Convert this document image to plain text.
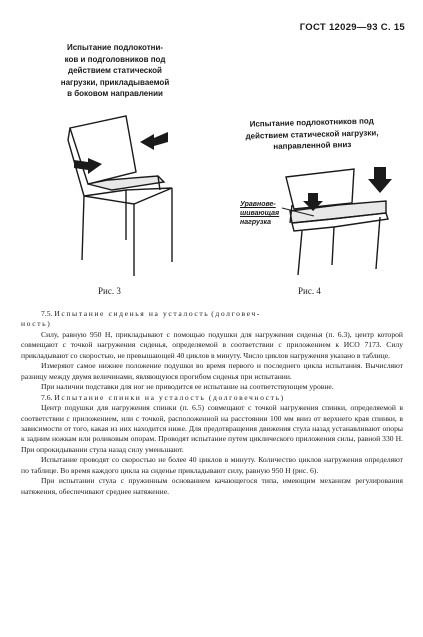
ГОСТ 12029—93 С. 15
Испытание подлокотни-
ков и подголовников под
действием статической
нагрузки, прикладываемой
в боковом направлении
Рис. 3
Испытание подлокотников под
действием статической нагрузки,
направленной вниз
Уравнове-
шивающая
нагрузка
Рис. 4

7.5. Испытание сиденья на усталость (долговеч-

ность)

Силу, равную 950 Н, прикладывают с помощью подушки для нагружения сиденья (п. 6.3), центр которой совмещают с точкой нагружения сиденья, определяемой в соответствии с приложением к ИСО 7173. Силу прикладывают со скоростью, не превышающей 40 циклов в минуту. Число циклов нагружения указано в таблице.

Измеряют самое нижнее положение подушки во время первого и последнего цикла испытания. Вычисляют разницу между двумя величинами, являющуюся прогибом сиденья при испытании.

При наличии подставки для ног не приводится ее испытание на соответствующем уровне.

7.6. Испытание спинки на усталость (долговечность)

Центр подушки для нагружения спинки (п. 6.5) совмещают с точкой нагружения спинки, определяемой в соответствии с приложением, или с точкой, расположенной на расстоянии 100 мм вниз от верхнего края спинки, в зависимости от того, какая из них находится ниже. Для предотвращения движения стула назад устанавливают опоры к задним ножкам или роликовым опорам. Проводят испытание путем циклического приложения силы, равной 330 Н. При опрокидывании стула назад силу уменьшают.

Испытание проводят со скоростью не более 40 циклов в минуту. Количество циклов нагружения определяют по таблице. Во время каждого цикла на сиденье прикладывают силу, равную 950 Н (рис. 6).

При испытании стула с пружинным основанием качающегося типа, имеющим механизм регулирования натяжения, обеспечивают среднее натяжение.
